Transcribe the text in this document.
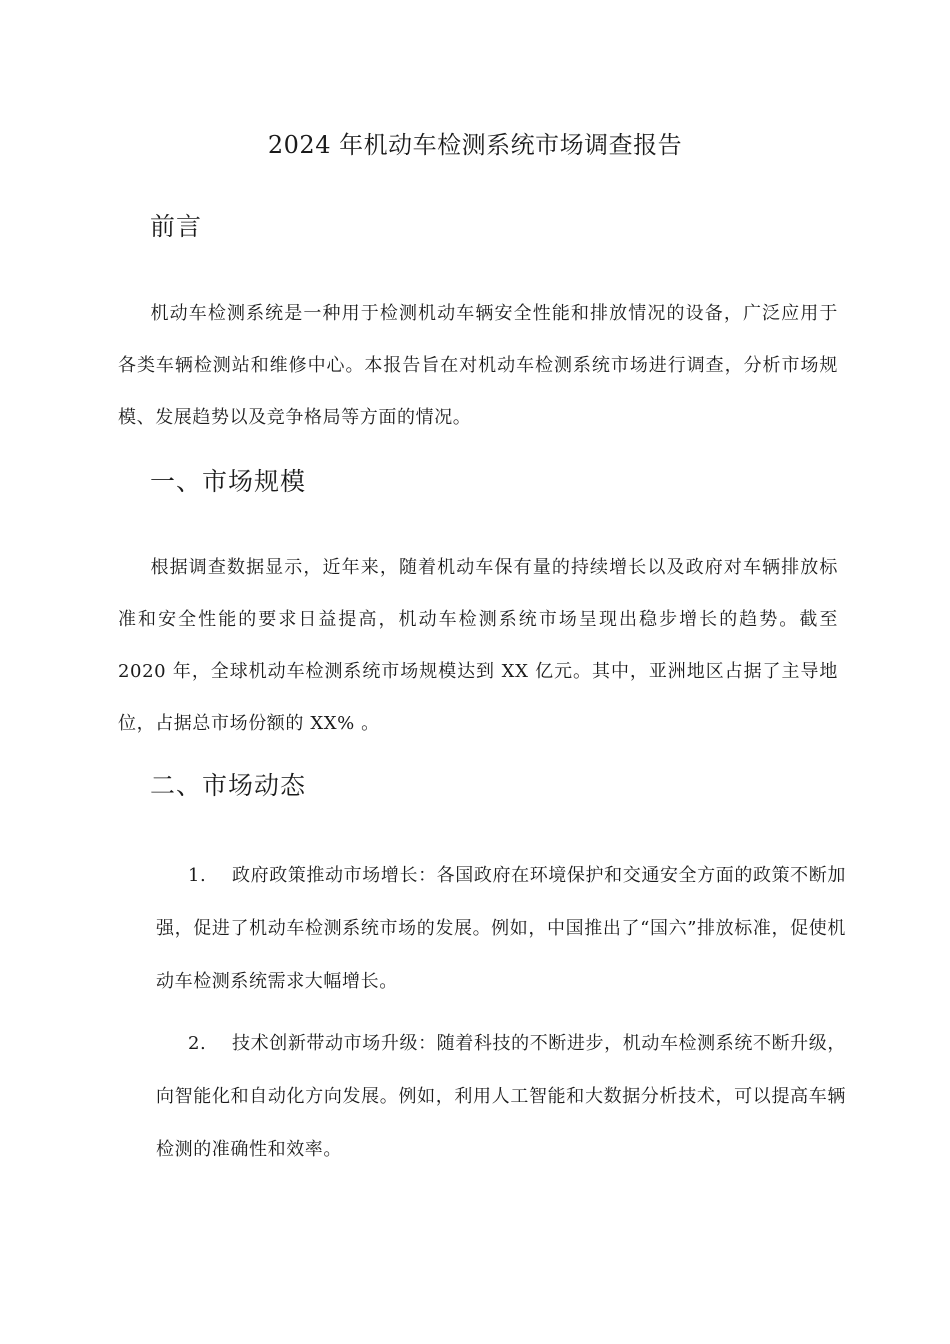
2024 年机动车检测系统市场调查报告
前言
机动车检测系统是一种用于检测机动车辆安全性能和排放情况的设备，广泛应用于各类车辆检测站和维修中心。本报告旨在对机动车检测系统市场进行调查，分析市场规模、发展趋势以及竞争格局等方面的情况。
一、市场规模
根据调查数据显示，近年来，随着机动车保有量的持续增长以及政府对车辆排放标准和安全性能的要求日益提高，机动车检测系统市场呈现出稳步增长的趋势。截至 2020 年，全球机动车检测系统市场规模达到 XX 亿元。其中，亚洲地区占据了主导地位，占据总市场份额的 XX% 。
二、市场动态
1. 政府政策推动市场增长：各国政府在环境保护和交通安全方面的政策不断加强，促进了机动车检测系统市场的发展。例如，中国推出了“国六”排放标准，促使机动车检测系统需求大幅增长。
2. 技术创新带动市场升级：随着科技的不断进步，机动车检测系统不断升级，向智能化和自动化方向发展。例如，利用人工智能和大数据分析技术，可以提高车辆检测的准确性和效率。
